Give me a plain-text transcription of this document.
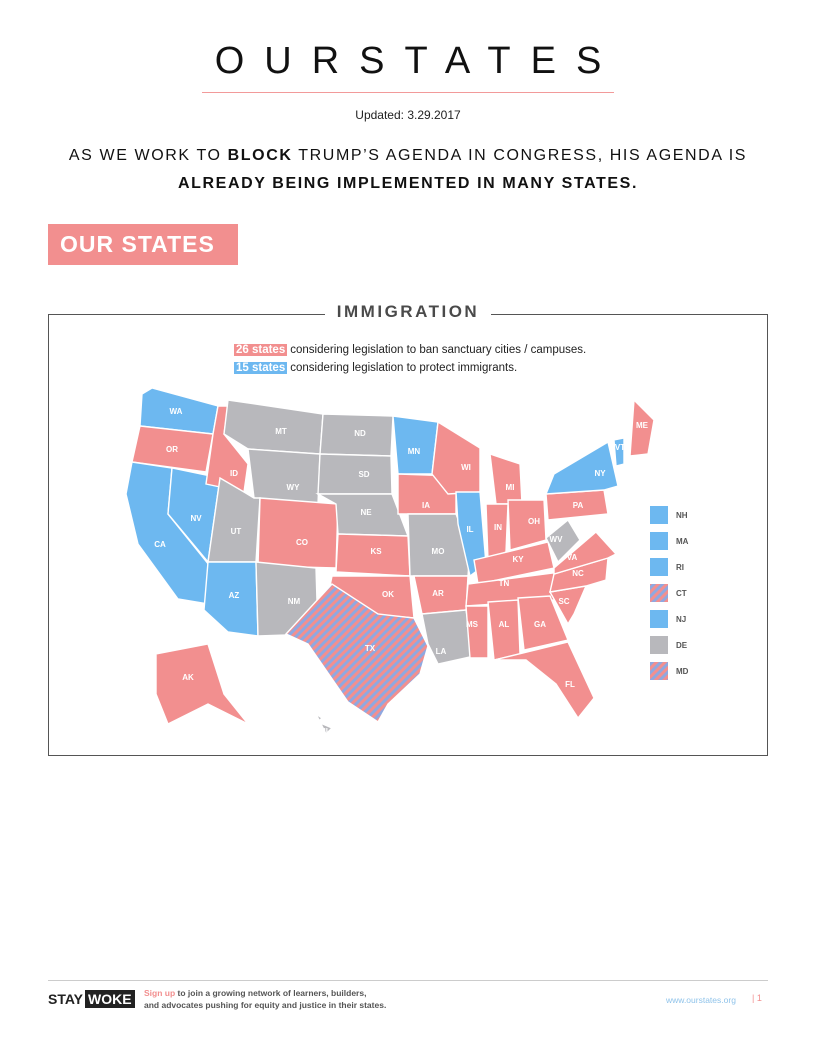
OURSTATES
Updated: 3.29.2017
AS WE WORK TO BLOCK TRUMP’S AGENDA IN CONGRESS, HIS AGENDA IS
ALREADY BEING IMPLEMENTED IN MANY STATES.
OUR STATES
IMMIGRATION
26 states considering legislation to ban sanctuary cities / campuses.
15 states considering legislation to protect immigrants.
WA
OR
CA
NV
ID
MT
WY
UT
AZ
CO
NM
ND
SD
NE
KS
OK
TX
MN
IA
MO
AR
LA
WI
IL
MI
IN
OH
KY
TN
MS	AL	GA
FL
SC
NC
VA
WV
PA
NY
VT
ME
AK
HI
NH
MA
RI
CT
NJ
DE
MD
STAY WOKE	Sign up to join a growing network of learners, builders,
and advocates pushing for equity and justice in their states.	www.ourstates.org | 1
